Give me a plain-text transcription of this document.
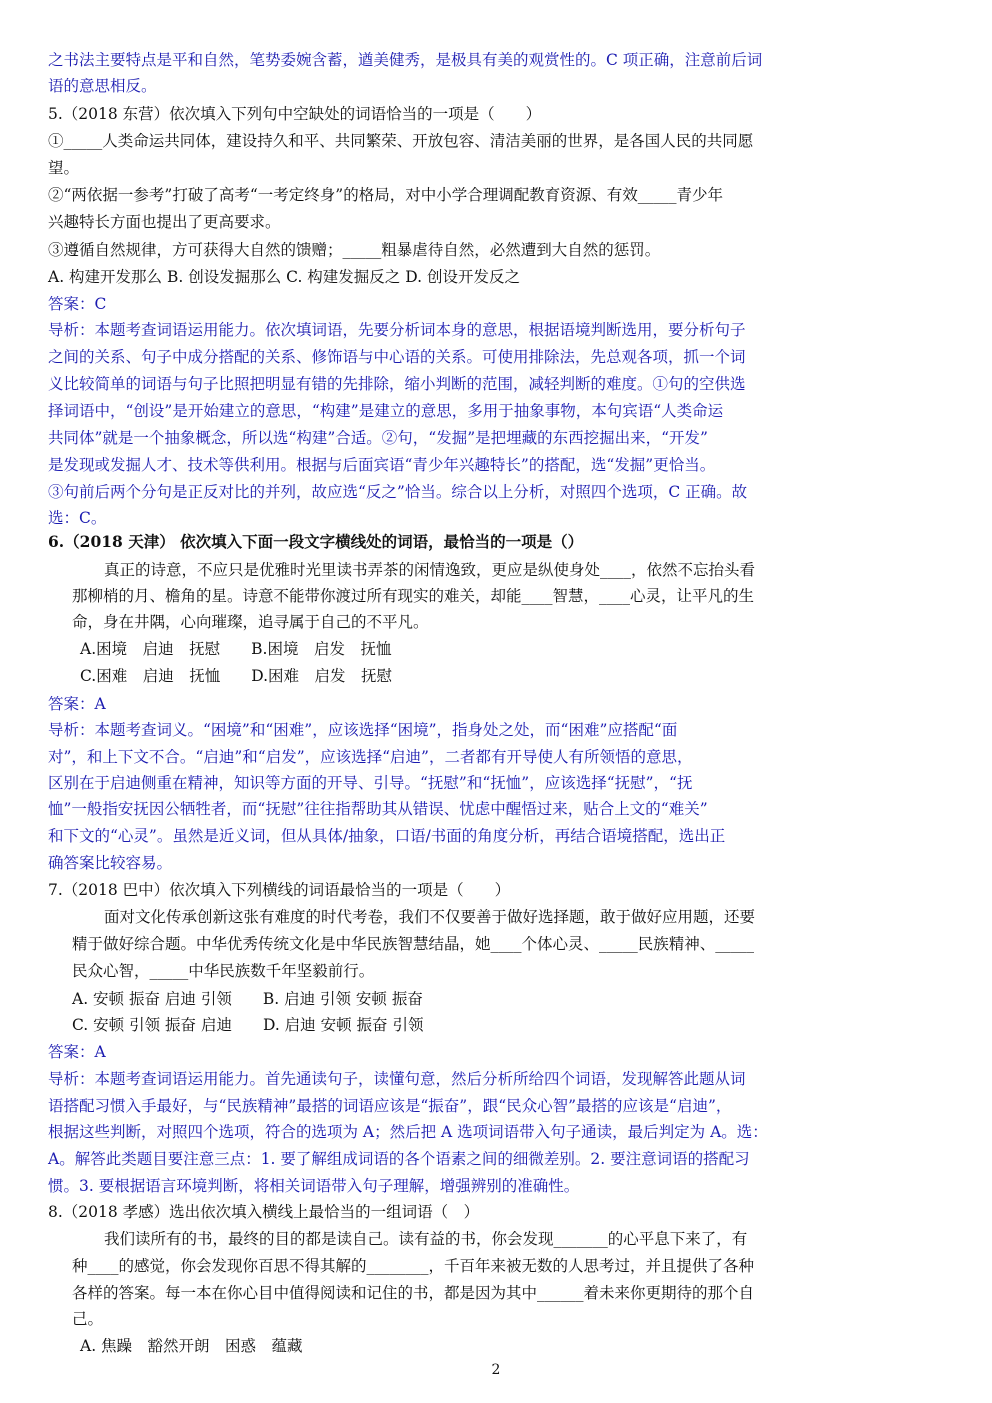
之书法主要特点是平和自然，笔势委婉含蓄，遒美健秀，是极具有美的观赏性的。C 项正确，注意前后词
语的意思相反。
5.（2018 东营）依次填入下列句中空缺处的词语恰当的一项是（　　）
①_____人类命运共同体，建设持久和平、共同繁荣、开放包容、清洁美丽的世界，是各国人民的共同愿
望。
②“两依据一参考”打破了高考“一考定终身”的格局，对中小学合理调配教育资源、有效_____青少年
兴趣特长方面也提出了更高要求。
③遵循自然规律，方可获得大自然的馈赠；_____粗暴虐待自然，必然遭到大自然的惩罚。
A. 构建开发那么 B. 创设发掘那么 C. 构建发掘反之 D. 创设开发反之
答案：C
导析：本题考查词语运用能力。依次填词语，先要分析词本身的意思，根据语境判断选用，要分析句子
之间的关系、句子中成分搭配的关系、修饰语与中心语的关系。可使用排除法，先总观各项，抓一个词
义比较简单的词语与句子比照把明显有错的先排除，缩小判断的范围，减轻判断的难度。①句的空供选
择词语中，“创设”是开始建立的意思，“构建”是建立的意思，多用于抽象事物，本句宾语“人类命运
共同体”就是一个抽象概念，所以选“构建”合适。②句，“发掘”是把埋藏的东西挖掘出来，“开发”
是发现或发掘人才、技术等供利用。根据与后面宾语“青少年兴趣特长”的搭配，选“发掘”更恰当。
③句前后两个分句是正反对比的并列，故应选“反之”恰当。综合以上分析，对照四个选项，C 正确。故
选：C。
6.（2018 天津） 依次填入下面一段文字横线处的词语，最恰当的一项是（）
真正的诗意，不应只是优雅时光里读书弄茶的闲情逸致，更应是纵使身处____，依然不忘抬头看
那柳梢的月、檐角的星。诗意不能带你渡过所有现实的难关，却能____智慧，____心灵，让平凡的生
命，身在井隅，心向璀璨，追寻属于自己的不平凡。
A.困境　启迪　抚慰　　B.困境　启发　抚恤
C.困难　启迪　抚恤　　D.困难　启发　抚慰
答案：A
导析：本题考查词义。“困境”和“困难”，应该选择“困境”，指身处之处，而“困难”应搭配“面
对”，和上下文不合。“启迪”和“启发”，应该选择“启迪”，二者都有开导使人有所领悟的意思，
区别在于启迪侧重在精神，知识等方面的开导、引导。“抚慰”和“抚恤”，应该选择“抚慰”，“抚
恤”一般指安抚因公牺牲者，而“抚慰”往往指帮助其从错误、忧虑中醒悟过来，贴合上文的“难关”
和下文的“心灵”。虽然是近义词，但从具体/抽象，口语/书面的角度分析，再结合语境搭配，选出正
确答案比较容易。
7.（2018 巴中）依次填入下列横线的词语最恰当的一项是（　　）
面对文化传承创新这张有难度的时代考卷，我们不仅要善于做好选择题，敢于做好应用题，还要
精于做好综合题。中华优秀传统文化是中华民族智慧结晶，她____个体心灵、_____民族精神、_____
民众心智，_____中华民族数千年坚毅前行。
A. 安顿 振奋 启迪 引领　　B. 启迪 引领 安顿 振奋
C. 安顿 引领 振奋 启迪　　D. 启迪 安顿 振奋 引领
答案：A
导析：本题考查词语运用能力。首先通读句子，读懂句意，然后分析所给四个词语，发现解答此题从词
语搭配习惯入手最好，与“民族精神”最搭的词语应该是“振奋”，跟“民众心智”最搭的应该是“启迪”，
根据这些判断，对照四个选项，符合的选项为 A；然后把 A 选项词语带入句子通读，最后判定为 A。选：
A。解答此类题目要注意三点：1. 要了解组成词语的各个语素之间的细微差别。2. 要注意词语的搭配习
惯。3. 要根据语言环境判断，将相关词语带入句子理解，增强辨别的准确性。
8.（2018 孝感）选出依次填入横线上最恰当的一组词语（　）
我们读所有的书，最终的目的都是读自己。读有益的书，你会发现_______的心平息下来了，有
种____的感觉，你会发现你百思不得其解的________，千百年来被无数的人思考过，并且提供了各种
各样的答案。每一本在你心目中值得阅读和记住的书，都是因为其中______着未来你更期待的那个自
己。
A. 焦躁　豁然开朗　困惑　蕴藏
2
